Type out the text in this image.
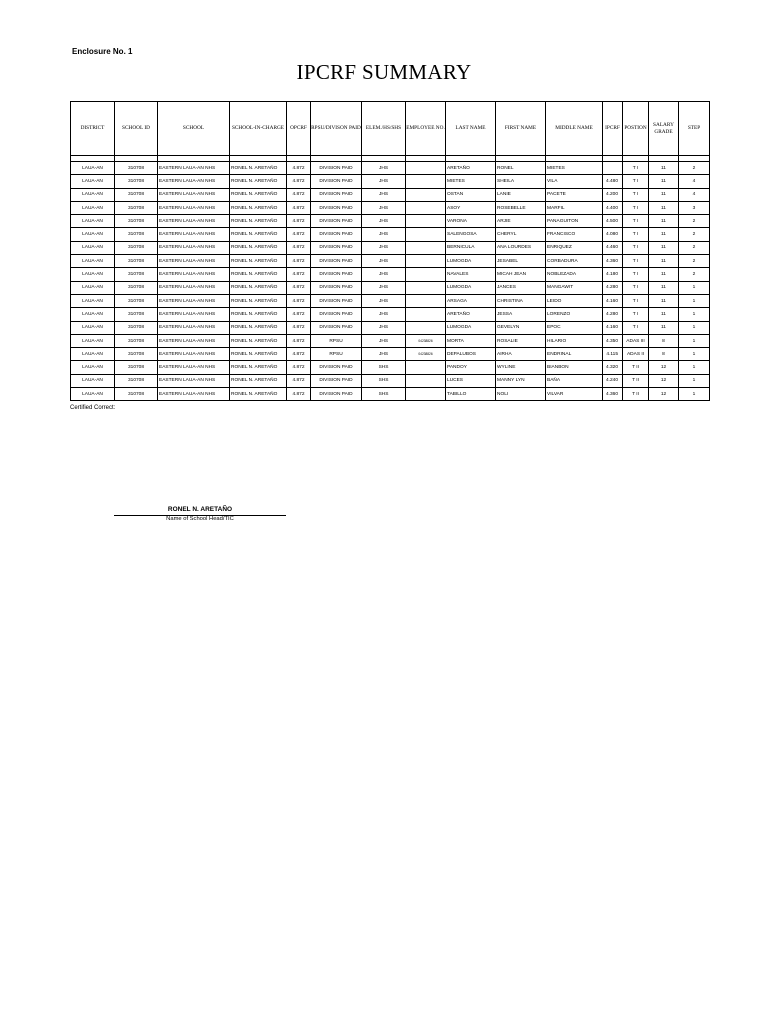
Enclosure No. 1
IPCRF SUMMARY
DISTRICT	SCHOOL ID	SCHOOL	SCHOOL-IN-CHARGE	OPCRF	RPSU/DIVISON PAID	ELEM./HS/SHS	EMPLOYEE NO.	LAST NAME	FIRST NAME	MIDDLE NAME	IPCRF	POSTION	SALARY GRADE	STEP

LAUA-AN	310708	EASTERN LAUA-AN NHS	RONEL N. ARETAÑO	4.872	DIVISION PAID	JHS		ARETAÑO	RONEL	MIETES		T I	11	2
LAUA-AN	310708	EASTERN LAUA-AN NHS	RONEL N. ARETAÑO	4.872	DIVISION PAID	JHS		MIETES	SHEILA	VILA	4.480	T I	11	4
LAUA-AN	310708	EASTERN LAUA-AN NHS	RONEL N. ARETAÑO	4.872	DIVISION PAID	JHS		OSTAN	LANIE	PACETE	4.200	T I	11	4
LAUA-AN	310708	EASTERN LAUA-AN NHS	RONEL N. ARETAÑO	4.872	DIVISION PAID	JHS		ASOY	ROSEBELLE	MARFIL	4.400	T I	11	3
LAUA-AN	310708	EASTERN LAUA-AN NHS	RONEL N. ARETAÑO	4.872	DIVISION PAID	JHS		VARONA	ARJIE	PANAGUITON	4.500	T I	11	2
LAUA-AN	310708	EASTERN LAUA-AN NHS	RONEL N. ARETAÑO	4.872	DIVISION PAID	JHS		SALENGOSA	CHERYL	FRANCISCO	4.080	T I	11	2
LAUA-AN	310708	EASTERN LAUA-AN NHS	RONEL N. ARETAÑO	4.872	DIVISION PAID	JHS		BERNICULA	ANA LOURDES	ENRIQUEZ	4.460	T I	11	2
LAUA-AN	310708	EASTERN LAUA-AN NHS	RONEL N. ARETAÑO	4.872	DIVISION PAID	JHS		LUMOGDA	JESABEL	CORBADURA	4.360	T I	11	2
LAUA-AN	310708	EASTERN LAUA-AN NHS	RONEL N. ARETAÑO	4.872	DIVISION PAID	JHS		NAVALES	MICAH JEAN	NOBLEZADA	4.180	T I	11	2
LAUA-AN	310708	EASTERN LAUA-AN NHS	RONEL N. ARETAÑO	4.872	DIVISION PAID	JHS		LUMOGDA	JANCES	MANGAWIT	4.280	T I	11	1
LAUA-AN	310708	EASTERN LAUA-AN NHS	RONEL N. ARETAÑO	4.872	DIVISION PAID	JHS		ARSAGA	CHRISTINA	LEIDO	4.160	T I	11	1
LAUA-AN	310708	EASTERN LAUA-AN NHS	RONEL N. ARETAÑO	4.872	DIVISION PAID	JHS		ARETAÑO	JESSA	LORENZO	4.280	T I	11	1
LAUA-AN	310708	EASTERN LAUA-AN NHS	RONEL N. ARETAÑO	4.872	DIVISION PAID	JHS		LUMOGDA	GEVELYN	EPOC	4.160	T I	11	1
LAUA-AN	310708	EASTERN LAUA-AN NHS	RONEL N. ARETAÑO	4.872	RPSU	JHS	04238826	MORTA	ROSALIE	HILARIO	4.350	ADAS III	8	1
LAUA-AN	310708	EASTERN LAUA-AN NHS	RONEL N. ARETAÑO	4.872	RPSU	JHS	04238826	DEPALUBOS	AIRHA	ENDRINAL	4.115	ADAS II	8	1
LAUA-AN	310708	EASTERN LAUA-AN NHS	RONEL N. ARETAÑO	4.872	DIVISION PAID	SHS		PANDOY	WYLINE	BIANBON	4.320	T II	12	1
LAUA-AN	310708	EASTERN LAUA-AN NHS	RONEL N. ARETAÑO	4.872	DIVISION PAID	SHS		LUCES	MANNY LYN	BAÑA	4.240	T II	12	1
LAUA-AN	310708	EASTERN LAUA-AN NHS	RONEL N. ARETAÑO	4.872	DIVISION PAID	SHS		TABILLO	NOLI	VILVAR	4.360	T II	12	1
Certified Correct:
RONEL N. ARETAÑO
Name of School Head/TIC
